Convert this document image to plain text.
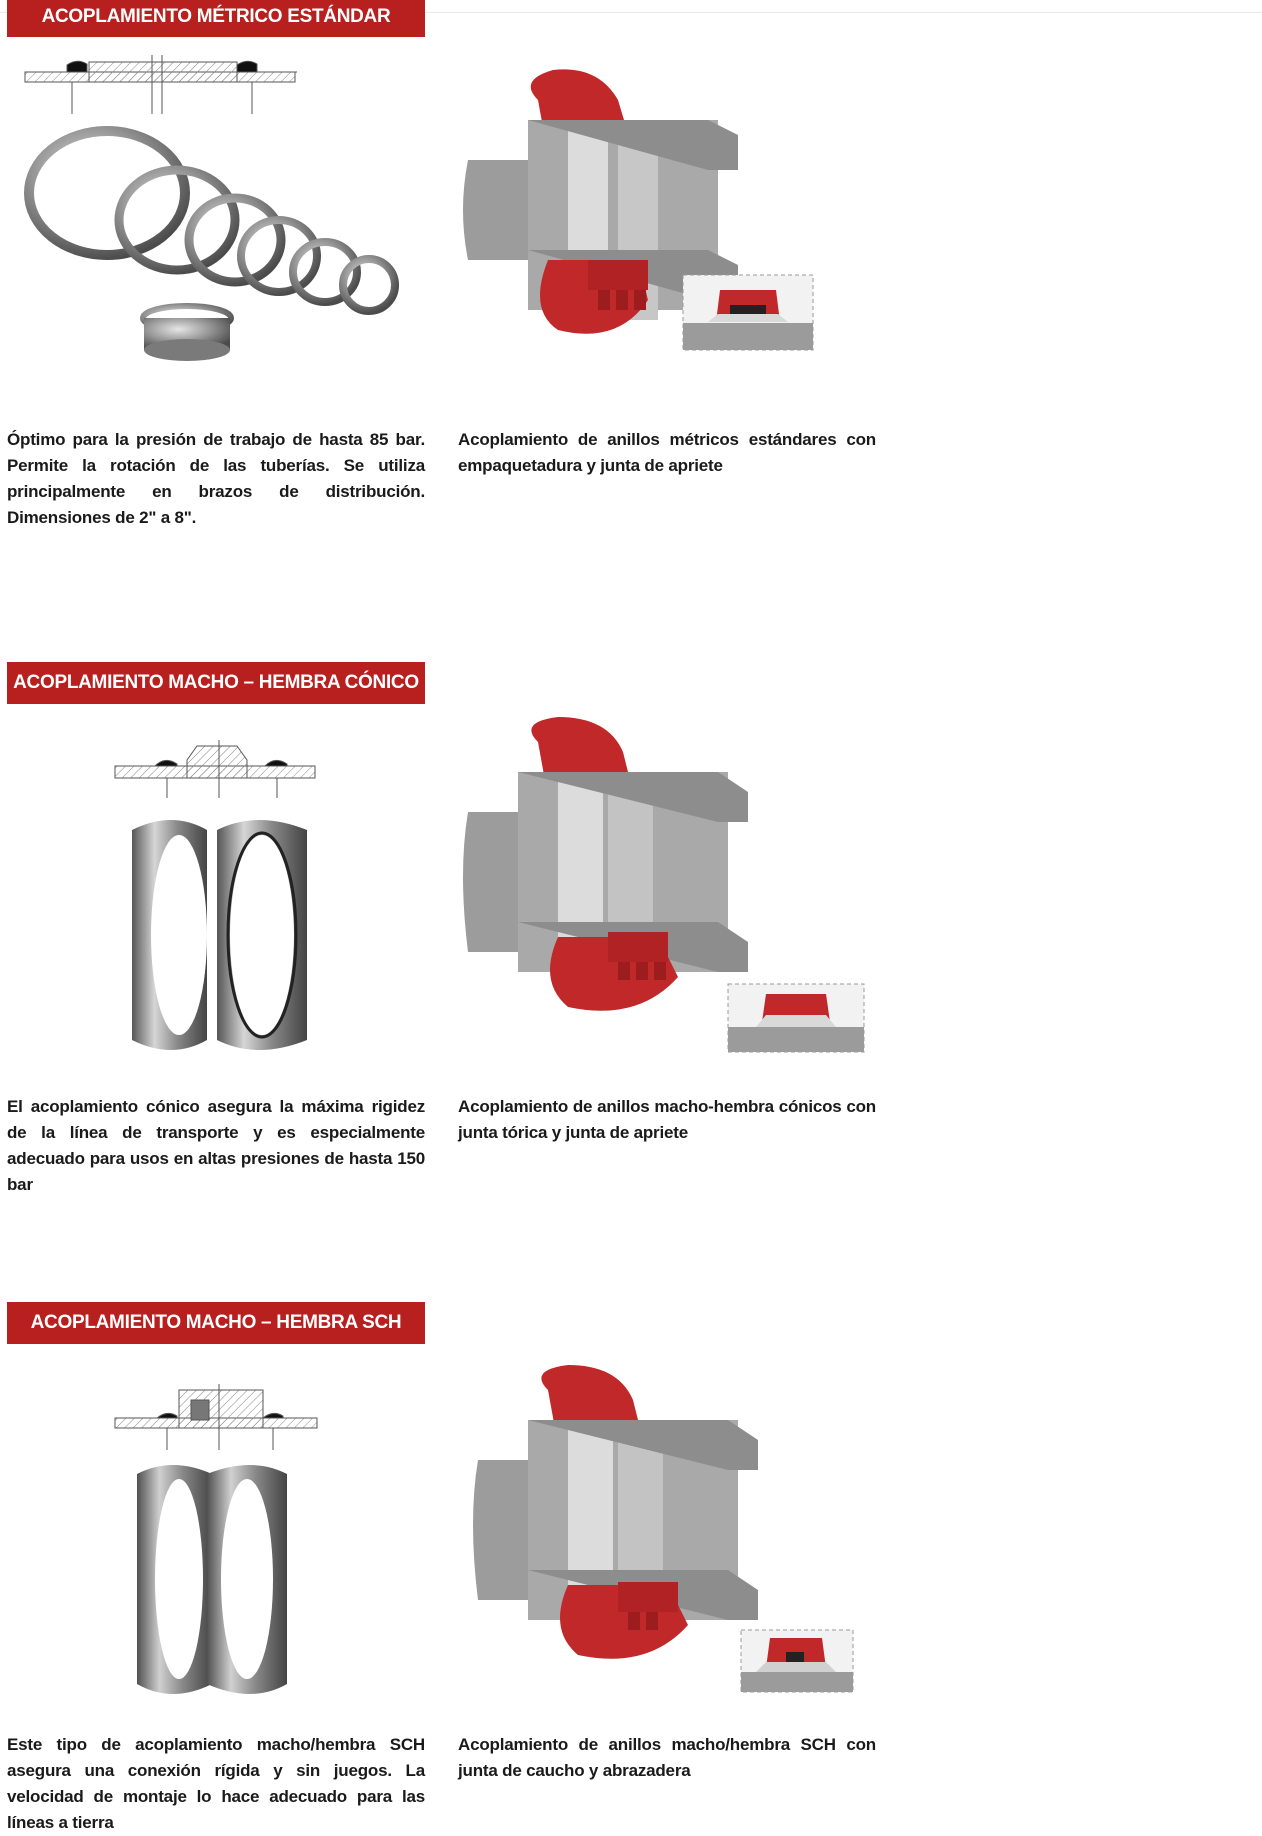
ACOPLAMIENTO MÉTRICO ESTÁNDAR
Óptimo para la presión de trabajo de hasta 85 bar. Permite la rotación de las tuberías. Se utiliza principalmente en brazos de distribución. Dimensiones de 2" a 8".
Acoplamiento de anillos métricos estándares con empaquetadura y junta de apriete
ACOPLAMIENTO MACHO – HEMBRA CÓNICO
El acoplamiento cónico asegura la máxima rigidez de la línea de transporte y es especialmente adecuado para usos en altas presiones de hasta 150 bar
Acoplamiento de anillos macho-hembra cónicos con junta tórica y junta de apriete
ACOPLAMIENTO MACHO – HEMBRA SCH
Este tipo de acoplamiento macho/hembra SCH asegura una conexión rígida y sin juegos. La velocidad de montaje lo hace adecuado para las líneas a tierra
Acoplamiento de anillos macho/hembra SCH con junta de caucho y abrazadera
